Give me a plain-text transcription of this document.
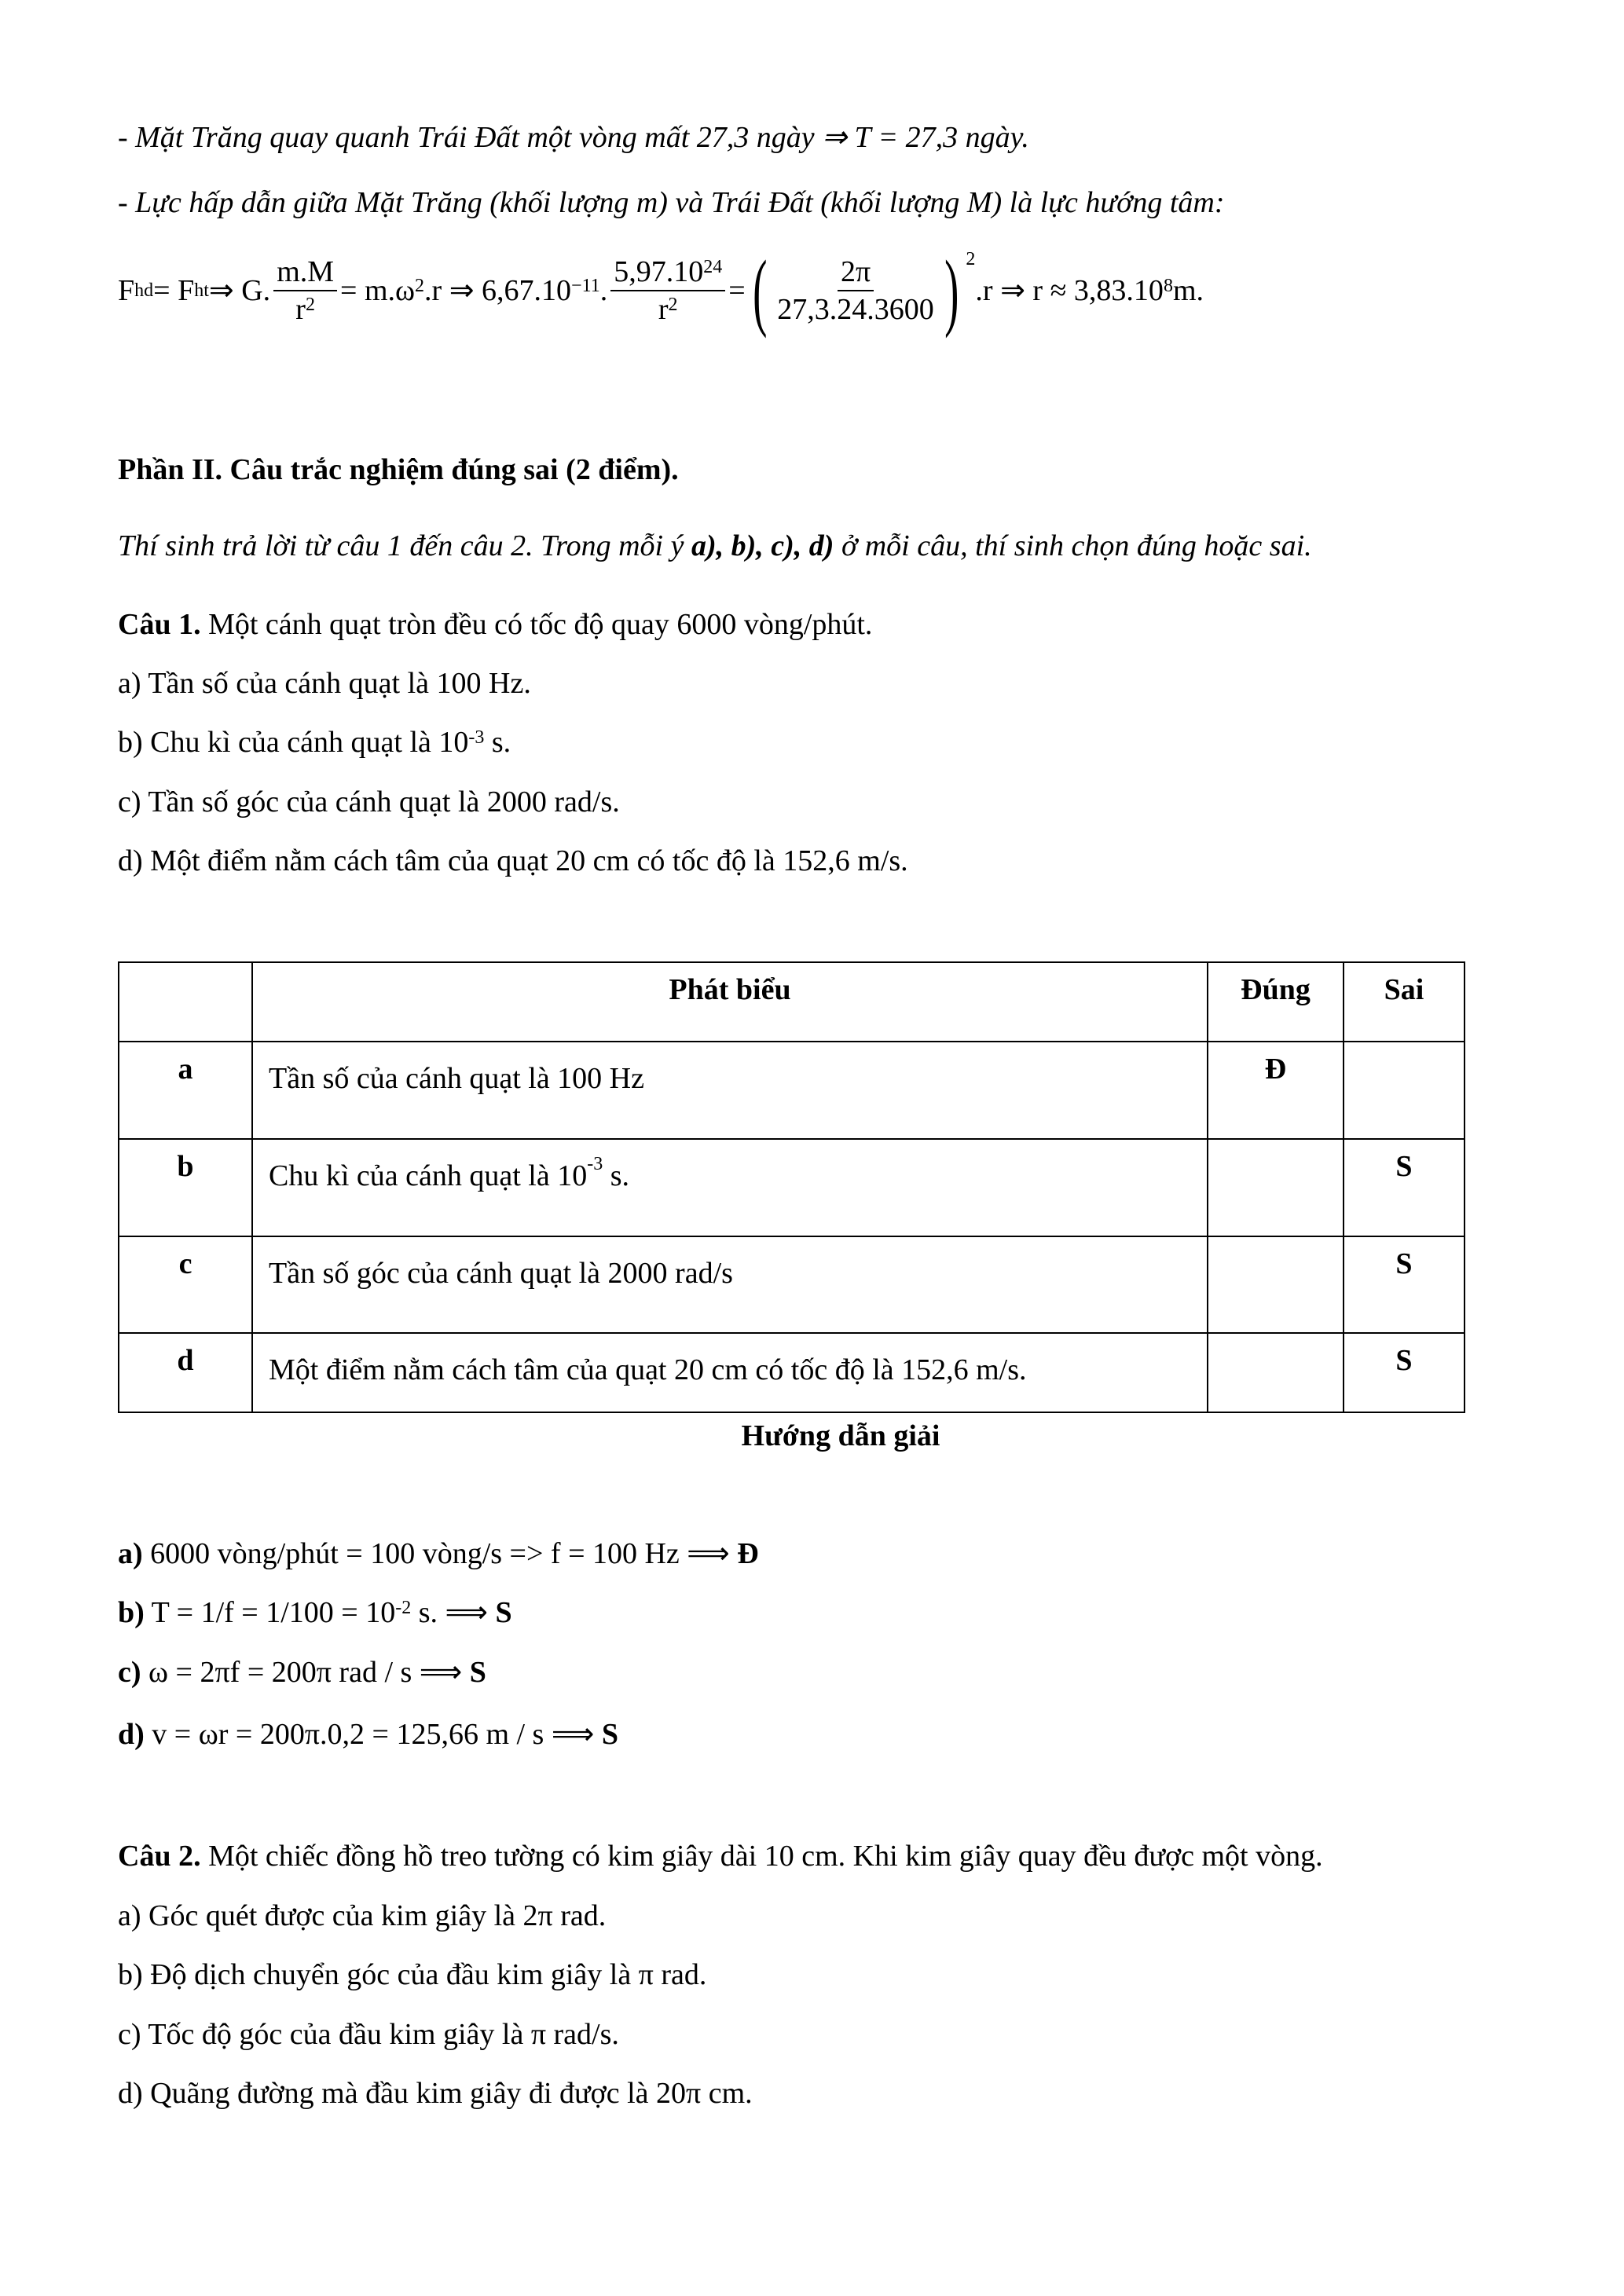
- Mặt Trăng quay quanh Trái Đất một vòng mất 27,3 ngày ⇒ T = 27,3 ngày.
- Lực hấp dẫn giữa Mặt Trăng (khối lượng m) và Trái Đất (khối lượng M) là lực hướng tâm:
F hd = F ht ⇒ G. $\frac{m.M}{r^2} = m.\omega^2$ .r ⇒ $6,67.10^{-11}$ . $\frac{5,97.10^{24}}{r^2}$ = ( $\frac{2\pi}{27,3.24.3600}$ ) $^2$
.r ⇒ $r \approx 3,83.10^8$ m.
Phần II. Câu trắc nghiệm đúng sai (2 điểm).
Thí sinh trả lời từ câu 1 đến câu 2. Trong mỗi ý a), b), c), d) ở mỗi câu, thí sinh chọn đúng hoặc sai.
Câu 1. Một cánh quạt tròn đều có tốc độ quay 6000 vòng/phút.
a) Tần số của cánh quạt là 100 Hz.
b) Chu kì của cánh quạt là $10^{-3}$ s.
c) Tần số góc của cánh quạt là 2000 rad/s.
d) Một điểm nằm cách tâm của quạt 20 cm có tốc độ là 152,6 m/s.
	Phát biểu	Đúng	Sai
a	Tần số của cánh quạt là 100 Hz	Đ	
b	Chu kì của cánh quạt là $10^{-3}$ s.		S
c	Tần số góc của cánh quạt là 2000 rad/s		S
d	Một điểm nằm cách tâm của quạt 20 cm có tốc độ là 152,6 m/s.		S
Hướng dẫn giải
a) 6000 vòng/phút = 100 vòng/s => f = 100 Hz ⟹ Đ
b) $T = 1/f = 1/100 = 10^{-2}$ s. ⟹ S
c) ω = 2πf = 200π rad / s ⟹ S
d) v = ωr = 200π.0,2 = 125,66 m / s ⟹ S
Câu 2. Một chiếc đồng hồ treo tường có kim giây dài 10 cm. Khi kim giây quay đều được một vòng.
a) Góc quét được của kim giây là 2π rad.
b) Độ dịch chuyển góc của đầu kim giây là π rad.
c) Tốc độ góc của đầu kim giây là π rad/s.
d) Quãng đường mà đầu kim giây đi được là 20π cm.
